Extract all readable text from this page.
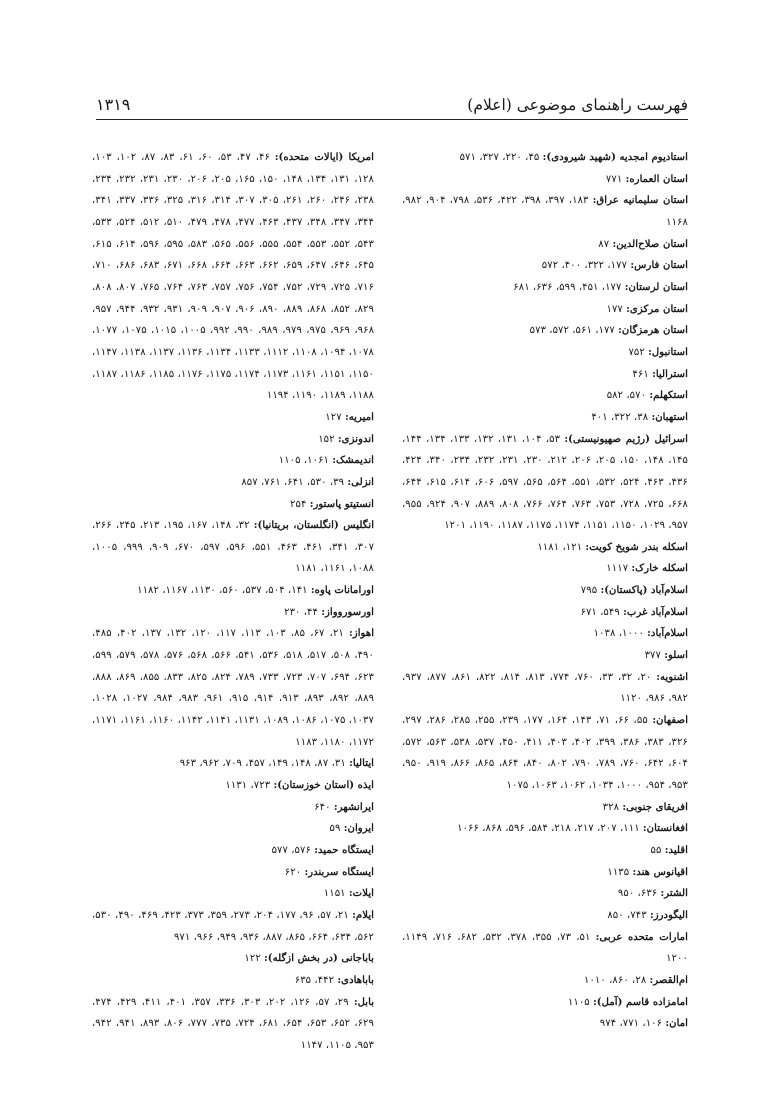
فهرست راهنمای موضوعی (اعلام)
۱۳۱۹

استادیوم امجدیه (شهید شیرودی): ۴۵، ۲۲۰، ۳۲۷، ۵۷۱

استان العماره: ۷۷۱

استان سلیمانیه عراق: ۱۸۳، ۳۹۷، ۳۹۸، ۴۲۲، ۵۳۶، ۷۹۸، ۹۰۴، ۹۸۲، ۱۱۶۸

استان صلاح‌الدین: ۸۷

استان فارس: ۱۷۷، ۳۲۲، ۴۰۰، ۵۷۲

استان لرستان: ۱۷۷، ۴۵۱، ۵۹۹، ۶۳۶، ۶۸۱

استان مرکزی: ۱۷۷

استان هرمزگان: ۱۷۷، ۵۶۱، ۵۷۲، ۵۷۳

استانبول: ۷۵۲

استرالیا: ۴۶۱

استکهلم: ۵۷۰، ۵۸۲

استهبان: ۳۸، ۳۲۲، ۴۰۱

اسرائیل (رژیم صهیونیستی): ۵۳، ۱۰۴، ۱۳۱، ۱۳۲، ۱۳۳، ۱۳۴، ۱۴۴، ۱۴۵، ۱۴۸، ۱۵۰، ۲۰۵، ۲۰۶، ۲۱۲، ۲۳۰، ۲۳۱، ۲۳۲، ۲۳۴، ۳۴۰، ۴۲۴، ۴۳۶، ۴۶۳، ۵۲۴، ۵۳۲، ۵۵۱، ۵۶۴، ۵۶۵، ۵۹۷، ۶۰۶، ۶۱۴، ۶۱۵، ۶۴۴، ۶۶۸، ۷۲۵، ۷۲۸، ۷۵۳، ۷۶۳، ۷۶۴، ۷۶۶، ۸۰۸، ۸۸۹، ۹۰۷، ۹۲۴، ۹۵۵، ۹۵۷، ۱۰۲۹، ۱۱۵۰، ۱۱۵۱، ۱۱۷۴، ۱۱۷۵، ۱۱۸۷، ۱۱۹۰، ۱۲۰۱

اسکله بندر شویخ کویت: ۱۲۱، ۱۱۸۱

اسکله خارک: ۱۱۱۷

اسلام‌آباد (پاکستان): ۷۹۵

اسلام‌آباد غرب: ۵۴۹، ۶۷۱

اسلام‌آباد: ۱۰۰۰، ۱۰۳۸

اسلو: ۳۷۷

اشنویه: ۲۰، ۳۲، ۳۳، ۷۶۰، ۷۷۴، ۸۱۳، ۸۱۴، ۸۲۲، ۸۶۱، ۸۷۷، ۹۳۷، ۹۸۲، ۹۸۶، ۱۱۲۰

اصفهان: ۵۵، ۶۶، ۷۱، ۱۴۳، ۱۶۴، ۱۷۷، ۲۳۹، ۲۵۵، ۲۸۵، ۲۸۶، ۲۹۷، ۳۲۶، ۳۸۳، ۳۸۶، ۳۹۹، ۴۰۲، ۴۰۳، ۴۱۱، ۴۵۰، ۵۳۷، ۵۳۸، ۵۶۳، ۵۷۲، ۶۰۴، ۶۴۲، ۷۶۰، ۷۸۹، ۷۹۰، ۸۰۲، ۸۴۰، ۸۶۴، ۸۶۵، ۸۶۶، ۹۱۹، ۹۵۰، ۹۵۳، ۹۵۴، ۱۰۰۰، ۱۰۳۴، ۱۰۶۲، ۱۰۶۳، ۱۰۷۵

افریقای جنوبی: ۳۲۸

افغانستان: ۱۱۱، ۲۰۷، ۲۱۷، ۲۱۸، ۵۸۴، ۵۹۶، ۸۶۸، ۱۰۶۶

اقلید: ۵۵

اقیانوس هند: ۱۱۳۵

الشتر: ۶۳۶، ۹۵۰

الیگودرز: ۷۴۳، ۸۵۰

امارات متحده عربی: ۵۱، ۷۳، ۳۵۵، ۳۷۸، ۵۳۲، ۶۸۲، ۷۱۶، ۱۱۴۹، ۱۲۰۰

ام‌القصر: ۲۸، ۸۶۰، ۱۰۱۰

امامزاده قاسم (آمل): ۱۱۰۵

امان: ۱۰۶، ۷۷۱، ۹۷۴

امریکا (ایالات متحده): ۴۶، ۴۷، ۵۳، ۶۰، ۶۱، ۸۳، ۸۷، ۱۰۲، ۱۰۳، ۱۲۸، ۱۳۱، ۱۳۴، ۱۴۸، ۱۵۰، ۱۶۵، ۲۰۵، ۲۰۶، ۲۳۰، ۲۳۱، ۲۳۲، ۲۳۴، ۲۳۸، ۲۴۶، ۲۶۰، ۲۶۱، ۳۰۵، ۳۰۷، ۳۱۴، ۳۱۶، ۳۲۵، ۳۳۶، ۳۳۷، ۳۴۱، ۳۴۴، ۳۴۷، ۳۴۸، ۴۳۷، ۴۶۳، ۴۷۷، ۴۷۸، ۴۷۹، ۵۱۰، ۵۱۲، ۵۲۴، ۵۳۳، ۵۴۳، ۵۵۲، ۵۵۳، ۵۵۴، ۵۵۵، ۵۵۶، ۵۶۵، ۵۸۳، ۵۹۵، ۵۹۶، ۶۱۴، ۶۱۵، ۶۴۵، ۶۴۶، ۶۴۷، ۶۵۹، ۶۶۲، ۶۶۳، ۶۶۴، ۶۶۸، ۶۷۱، ۶۸۳، ۶۸۶، ۷۱۰، ۷۱۶، ۷۲۵، ۷۲۹، ۷۵۲، ۷۵۴، ۷۵۶، ۷۵۷، ۷۶۳، ۷۶۴، ۷۶۵، ۸۰۷، ۸۰۸، ۸۲۹، ۸۵۲، ۸۶۸، ۸۸۹، ۸۹۰، ۹۰۶، ۹۰۷، ۹۰۹، ۹۳۱، ۹۳۲، ۹۴۴، ۹۵۷، ۹۶۸، ۹۶۹، ۹۷۵، ۹۷۹، ۹۸۹، ۹۹۰، ۹۹۲، ۱۰۰۵، ۱۰۱۵، ۱۰۷۵، ۱۰۷۷، ۱۰۷۸، ۱۰۹۴، ۱۱۰۸، ۱۱۱۲، ۱۱۳۳، ۱۱۳۴، ۱۱۳۶، ۱۱۳۷، ۱۱۳۸، ۱۱۴۷، ۱۱۵۰، ۱۱۵۱، ۱۱۶۱، ۱۱۷۳، ۱۱۷۴، ۱۱۷۵، ۱۱۷۶، ۱۱۸۵، ۱۱۸۶، ۱۱۸۷، ۱۱۸۸، ۱۱۸۹، ۱۱۹۰، ۱۱۹۴

امیریه: ۱۲۷

اندونزی: ۱۵۲

اندیمشک: ۱۰۶۱، ۱۱۰۵

انزلی: ۳۹، ۵۳۰، ۶۴۱، ۷۶۱، ۸۵۷

انستیتو پاستور: ۲۵۴

انگلیس (انگلستان، بریتانیا): ۳۲، ۱۴۸، ۱۶۷، ۱۹۵، ۲۱۳، ۲۴۵، ۲۶۶، ۳۰۷، ۳۴۱، ۴۶۱، ۴۶۳، ۵۵۱، ۵۹۶، ۵۹۷، ۶۷۰، ۹۰۹، ۹۹۹، ۱۰۰۵، ۱۰۸۸، ۱۱۶۱، ۱۱۸۱

اورامانات پاوه: ۱۴۱، ۵۰۴، ۵۳۷، ۵۶۰، ۱۱۳۰، ۱۱۶۷، ۱۱۸۲

اورسوروواز: ۴۴، ۲۳۰

اهواز: ۲۱، ۶۷، ۸۵، ۱۰۳، ۱۱۳، ۱۱۷، ۱۲۰، ۱۳۲، ۱۳۷، ۴۰۲، ۴۸۵، ۴۹۰، ۵۰۸، ۵۱۷، ۵۱۸، ۵۳۶، ۵۴۱، ۵۶۶، ۵۶۸، ۵۷۶، ۵۷۸، ۵۷۹، ۵۹۹، ۶۲۳، ۶۹۴، ۷۰۷، ۷۲۳، ۷۳۳، ۷۸۹، ۸۲۴، ۸۲۵، ۸۳۳، ۸۵۵، ۸۶۹، ۸۸۸، ۸۸۹، ۸۹۲، ۸۹۳، ۹۱۳، ۹۱۴، ۹۱۵، ۹۶۱، ۹۸۳، ۹۸۴، ۱۰۲۷، ۱۰۲۸، ۱۰۳۷، ۱۰۷۵، ۱۰۸۶، ۱۰۸۹، ۱۱۳۱، ۱۱۴۱، ۱۱۴۲، ۱۱۶۰، ۱۱۶۱، ۱۱۷۱، ۱۱۷۲، ۱۱۸۰، ۱۱۸۳

ایتالیا: ۳۱، ۸۷، ۱۴۸، ۱۴۹، ۴۵۷، ۷۰۹، ۹۶۲، ۹۶۳

ایذه (استان خوزستان): ۷۲۳، ۱۱۳۱

ایرانشهر: ۶۴۰

ایروان: ۵۹

ایستگاه حمید: ۵۷۶، ۵۷۷

ایستگاه سربندر: ۶۲۰

ایلات: ۱۱۵۱

ایلام: ۲۱، ۵۷، ۹۶، ۱۷۷، ۲۰۴، ۲۷۳، ۳۵۹، ۳۷۳، ۴۲۳، ۴۶۹، ۴۹۰، ۵۳۰، ۵۶۲، ۶۳۴، ۶۶۴، ۸۶۵، ۸۸۷، ۹۳۶، ۹۴۹، ۹۶۶، ۹۷۱

باباجانی (در بخش ازگله): ۱۲۲

باباهادی: ۴۴۲، ۶۳۵

بابل: ۲۹، ۵۷، ۱۲۶، ۲۰۲، ۳۰۳، ۳۳۶، ۳۵۷، ۴۰۱، ۴۱۱، ۴۲۹، ۴۷۴، ۶۲۹، ۶۵۲، ۶۵۳، ۶۵۴، ۶۸۱، ۷۲۴، ۷۳۵، ۷۷۷، ۸۰۶، ۸۹۳، ۹۴۱، ۹۴۲، ۹۵۳، ۱۱۰۵، ۱۱۴۷
